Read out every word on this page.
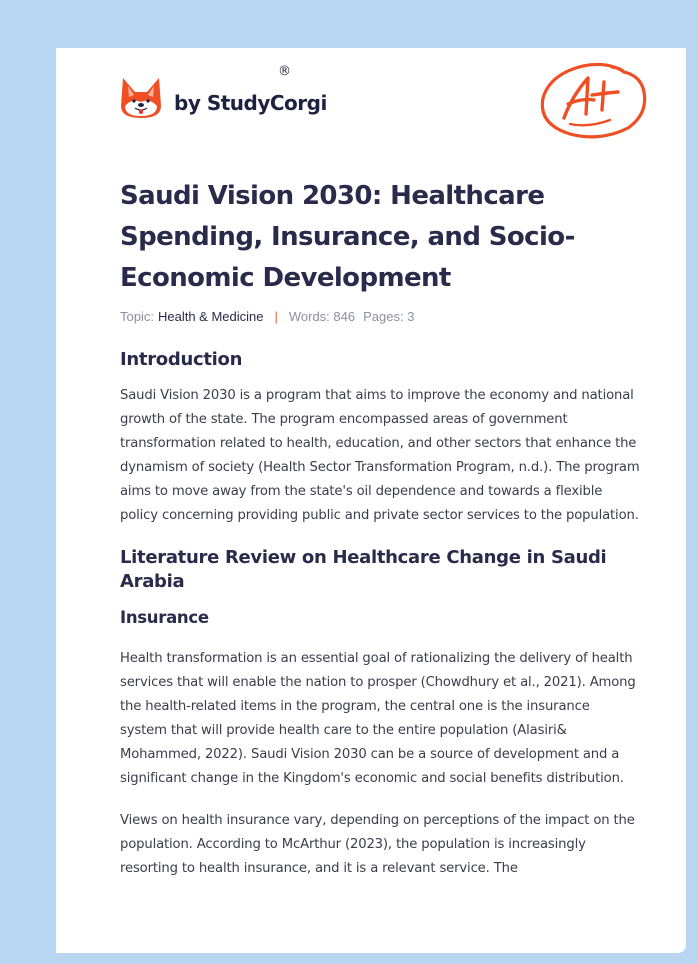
by StudyCorgi
®
Saudi Vision 2030: Healthcare Spending, Insurance, and Socio-Economic Development
Topic: Health & Medicine | Words: 846 Pages: 3
Introduction

Saudi Vision 2030 is a program that aims to improve the economy and national growth of the state. The program encompassed areas of government transformation related to health, education, and other sectors that enhance the dynamism of society (Health Sector Transformation Program, n.d.). The program aims to move away from the state's oil dependence and towards a flexible policy concerning providing public and private sector services to the population.

Literature Review on Healthcare Change in Saudi Arabia
Insurance

Health transformation is an essential goal of rationalizing the delivery of health services that will enable the nation to prosper (Chowdhury et al., 2021). Among the health-related items in the program, the central one is the insurance system that will provide health care to the entire population (Alasiri& Mohammed, 2022). Saudi Vision 2030 can be a source of development and a significant change in the Kingdom's economic and social benefits distribution.

Views on health insurance vary, depending on perceptions of the impact on the population. According to McArthur (2023), the population is increasingly resorting to health insurance, and it is a relevant service. The
